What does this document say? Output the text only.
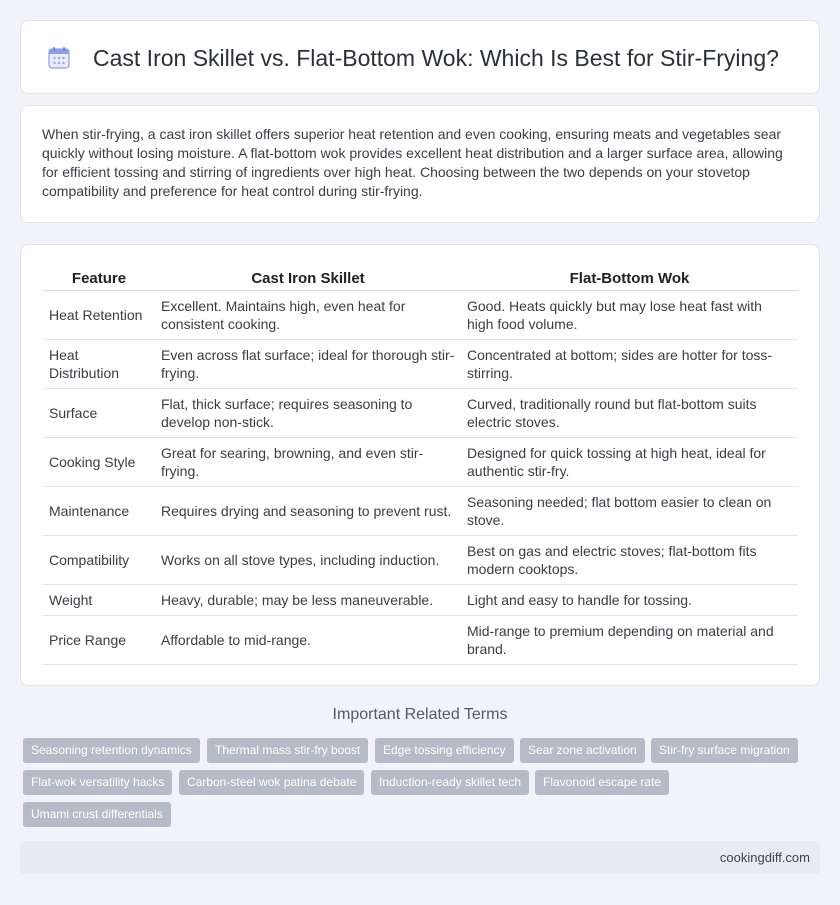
Cast Iron Skillet vs. Flat-Bottom Wok: Which Is Best for Stir-Frying?

When stir-frying, a cast iron skillet offers superior heat retention and even cooking, ensuring meats and vegetables sear quickly without losing moisture. A flat-bottom wok provides excellent heat distribution and a larger surface area, allowing for efficient tossing and stirring of ingredients over high heat. Choosing between the two depends on your stovetop compatibility and preference for heat control during stir-frying.

Feature	Cast Iron Skillet	Flat-Bottom Wok
Heat Retention	Excellent. Maintains high, even heat for consistent cooking.	Good. Heats quickly but may lose heat fast with high food volume.
Heat Distribution	Even across flat surface; ideal for thorough stir-frying.	Concentrated at bottom; sides are hotter for toss-stirring.
Surface	Flat, thick surface; requires seasoning to develop non-stick.	Curved, traditionally round but flat-bottom suits electric stoves.
Cooking Style	Great for searing, browning, and even stir-frying.	Designed for quick tossing at high heat, ideal for authentic stir-fry.
Maintenance	Requires drying and seasoning to prevent rust.	Seasoning needed; flat bottom easier to clean on stove.
Compatibility	Works on all stove types, including induction.	Best on gas and electric stoves; flat-bottom fits modern cooktops.
Weight	Heavy, durable; may be less maneuverable.	Light and easy to handle for tossing.
Price Range	Affordable to mid-range.	Mid-range to premium depending on material and brand.
Important Related Terms
Seasoning retention dynamics	Thermal mass stir-fry boost	Edge tossing efficiency	Sear zone activation	Stir-fry surface migration
Flat-wok versatility hacks	Carbon-steel wok patina debate	Induction-ready skillet tech	Flavonoid escape rate
Umami crust differentials
cookingdiff.com
